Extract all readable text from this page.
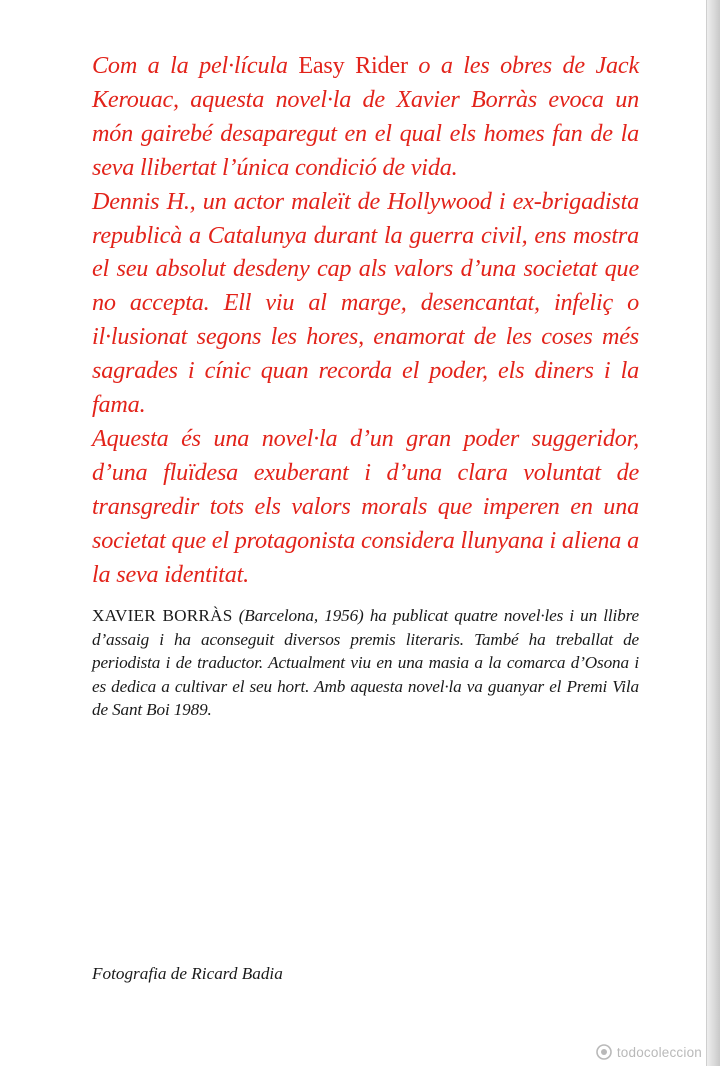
Com a la pel·lícula Easy Rider o a les obres de Jack Kerouac, aquesta novel·la de Xavier Borràs evoca un món gairebé desaparegut en el qual els homes fan de la seva llibertat l’única condició de vida.

Dennis H., un actor maleït de Hollywood i ex-brigadista republicà a Catalunya durant la guerra civil, ens mostra el seu absolut desdeny cap als valors d’una societat que no accepta. Ell viu al marge, desencantat, infeliç o il·lusionat segons les hores, enamorat de les coses més sagrades i cínic quan recorda el poder, els diners i la fama.

Aquesta és una novel·la d’un gran poder suggeridor, d’una fluïdesa exuberant i d’una clara voluntat de transgredir tots els valors morals que imperen en una societat que el protagonista considera llunyana i aliena a la seva identitat.

XAVIER BORRÀS (Barcelona, 1956) ha publicat quatre novel·les i un llibre d’assaig i ha aconseguit diversos premis literaris. També ha treballat de periodista i de traductor. Actualment viu en una masia a la comarca d’Osona i es dedica a cultivar el seu hort. Amb aquesta novel·la va guanyar el Premi Vila de Sant Boi 1989.

Fotografia de Ricard Badia

todocoleccion
